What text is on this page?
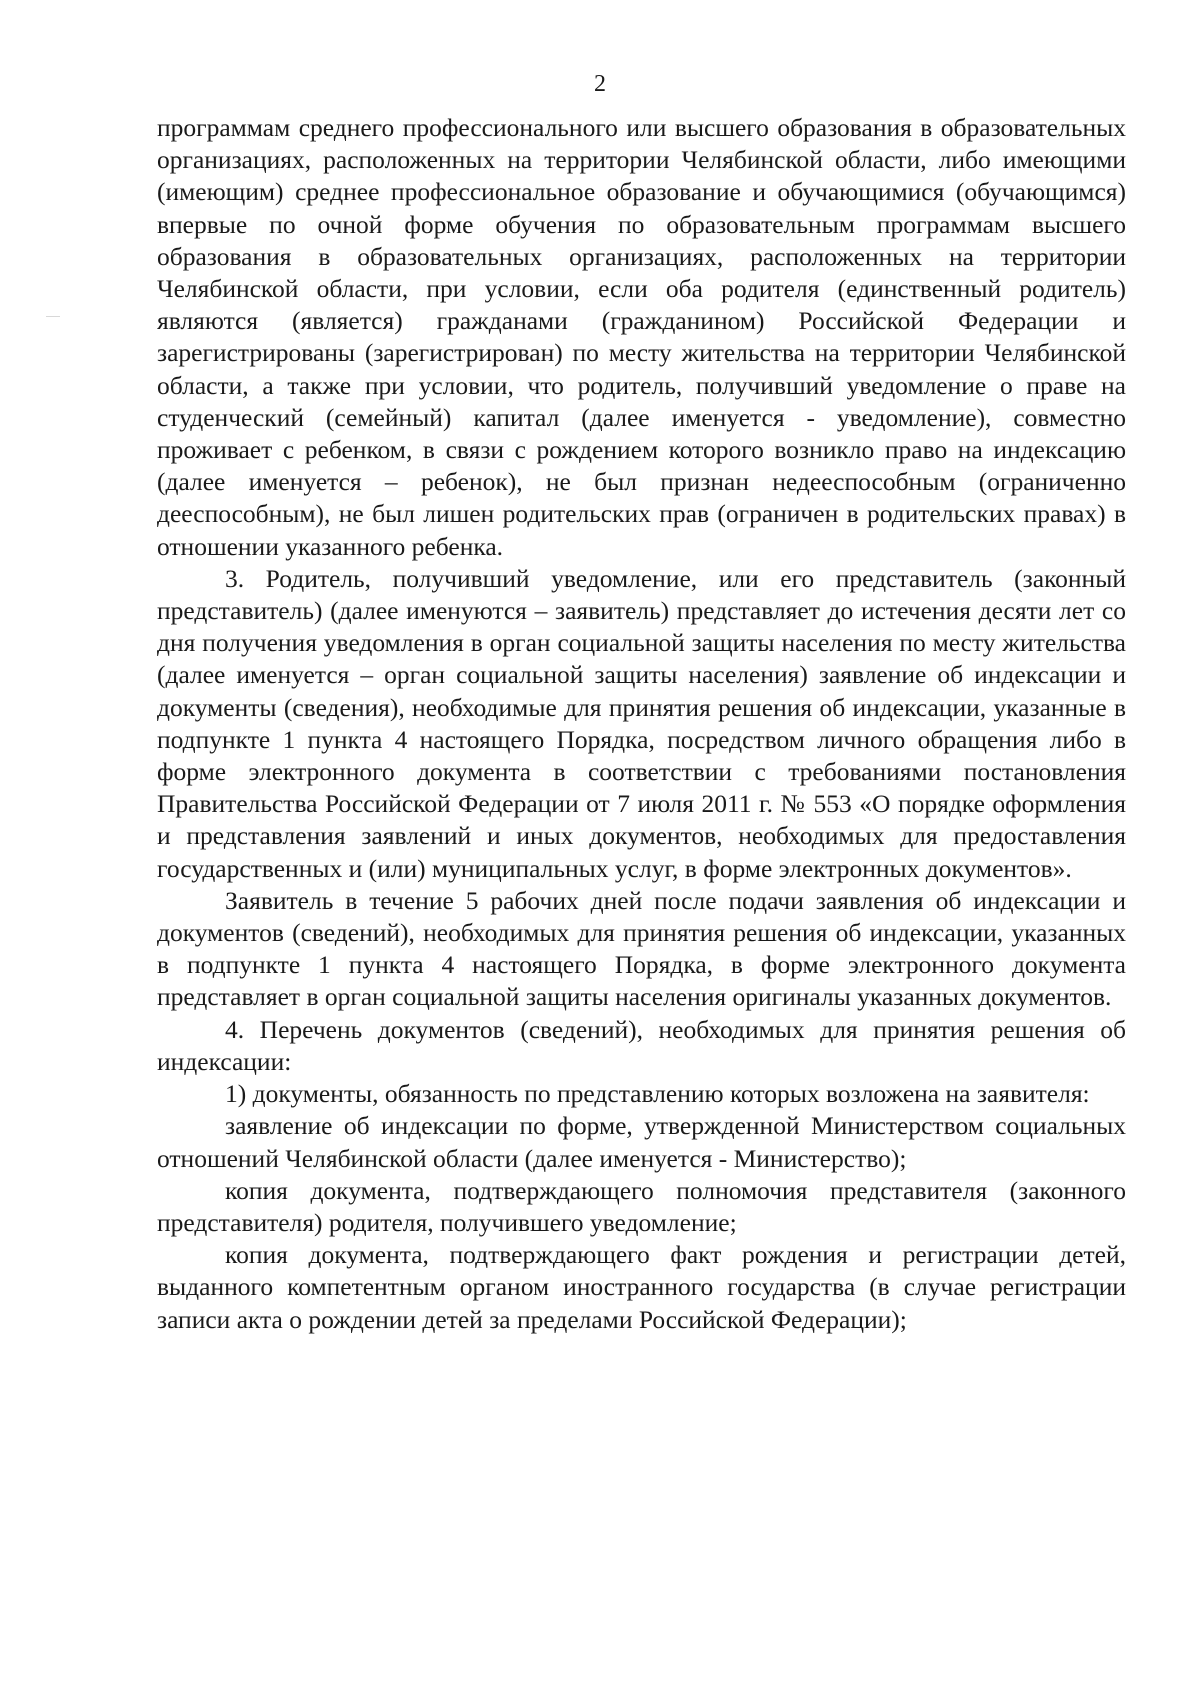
2

программам среднего профессионального или высшего образования в образовательных организациях, расположенных на территории Челябинской области, либо имеющими (имеющим) среднее профессиональное образование и обучающимися (обучающимся) впервые по очной форме обучения по образовательным программам высшего образования в образовательных организациях, расположенных на территории Челябинской области, при условии, если оба родителя (единственный родитель) являются (является) гражданами (гражданином) Российской Федерации и зарегистрированы (зарегистрирован) по месту жительства на территории Челябинской области, а также при условии, что родитель, получивший уведомление о праве на студенческий (семейный) капитал (далее именуется - уведомление), совместно проживает с ребенком, в связи с рождением которого возникло право на индексацию (далее именуется – ребенок), не был признан недееспособным (ограниченно дееспособным), не был лишен родительских прав (ограничен в родительских правах) в отношении указанного ребенка.

3. Родитель, получивший уведомление, или его представитель (законный представитель) (далее именуются – заявитель) представляет до истечения десяти лет со дня получения уведомления в орган социальной защиты населения по месту жительства (далее именуется – орган социальной защиты населения) заявление об индексации и документы (сведения), необходимые для принятия решения об индексации, указанные в подпункте 1 пункта 4 настоящего Порядка, посредством личного обращения либо в форме электронного документа в соответствии с требованиями постановления Правительства Российской Федерации от 7 июля 2011 г. № 553 «О порядке оформления и представления заявлений и иных документов, необходимых для предоставления государственных и (или) муниципальных услуг, в форме электронных документов».

Заявитель в течение 5 рабочих дней после подачи заявления об индексации и документов (сведений), необходимых для принятия решения об индексации, указанных в подпункте 1 пункта 4 настоящего Порядка, в форме электронного документа представляет в орган социальной защиты населения оригиналы указанных документов.

4. Перечень документов (сведений), необходимых для принятия решения об индексации:

1) документы, обязанность по представлению которых возложена на заявителя:

заявление об индексации по форме, утвержденной Министерством социальных отношений Челябинской области (далее именуется - Министерство);

копия документа, подтверждающего полномочия представителя (законного представителя) родителя, получившего уведомление;

копия документа, подтверждающего факт рождения и регистрации детей, выданного компетентным органом иностранного государства (в случае регистрации записи акта о рождении детей за пределами Российской Федерации);
